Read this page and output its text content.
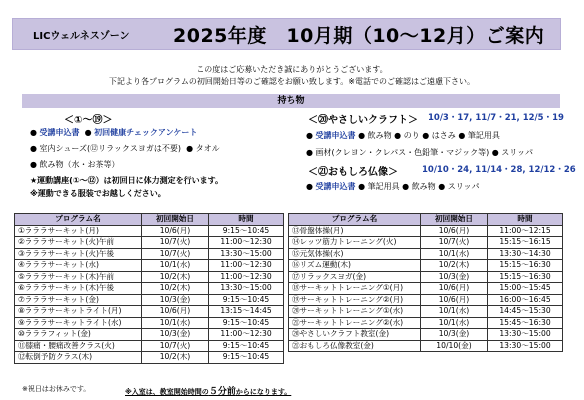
LICウェルネスゾーン 2025年度　10月期（10〜12月）ご案内
この度はご応募いただき誠にありがとうございます。
下記より各プログラムの初回開始日等のご確認をお願い致します。※電話でのご確認はご遠慮下さい。
持ち物
＜①〜⑲＞
● 受講申込書 ● 初回健康チェックアンケート
● 室内シューズ(⑫リラックスヨガは不要) ● タオル
● 飲み物（水・お茶等）
★運動講座(①〜⑫）は初回日に体力測定を行います。
※運動できる服装でお越しください。
＜⑳やさしいクラフト＞ 10/3・17, 11/7・21, 12/5・19
● 受講申込書 ● 飲み物 ● のり ● はさみ ● 筆記用具
● 画材(クレヨン・クレパス・色鉛筆・マジック等) ● スリッパ
＜㉑おもしろ仏像＞	10/10・24, 11/14・28, 12/12・26
● 受講申込書 ● 筆記用具 ● 飲み物 ● スリッパ
プログラム名	初回開始日	時間
①ラララサーキット(月)	10/6(月)	9:15〜10:45
②ラララサーキット(火)午前	10/7(火)	11:00〜12:30
③ラララサーキット(火)午後	10/7(火)	13:30〜15:00
④ラララサーキット(水)	10/1(水)	11:00〜12:30
⑤ラララサーキット(木)午前	10/2(木)	11:00〜12:30
⑥ラララサーキット(木)午後	10/2(木)	13:30〜15:00
⑦ラララサーキット(金)	10/3(金)	9:15〜10:45
⑧ラララサーキットライト(月)	10/6(月)	13:15〜14:45
⑨ラララサーキットライト(水)	10/1(水)	9:15〜10:45
⑩ラララフィット(金)	10/3(金)	11:00〜12:30
⑪膝痛・腰痛改善クラス(火)	10/7(火)	9:15〜10:45
⑫転倒予防クラス(木)	10/2(木)	9:15〜10:45
プログラム名	初回開始日	時間
⑬骨盤体操(月)	10/6(月)	11:00〜12:15
⑭レッツ筋力トレーニング(火)	10/7(火)	15:15〜16:15
⑮元気体操(水)	10/1(水)	13:30〜14:30
⑯リズム運動(木)	10/2(木)	15:15〜16:30
⑰リラックスヨガ(金)	10/3(金)	15:15〜16:30
⑱サーキットトレーニング①(月)	10/6(月)	15:00〜15:45
⑲サーキットトレーニング②(月)	10/6(月)	16:00〜16:45
⑳サーキットトレーニング①(水)	10/1(水)	14:45〜15:30
㉑サーキットトレーニング②(水)	10/1(水)	15:45〜16:30
⑳やさしいクラフト教室(金)	10/3(金)	13:30〜15:00
㉑おもしろ仏像教室(金)	10/10(金)	13:30〜15:00
※祝日はお休みです。	※入室は、教室開始時間の５分前からになります。
